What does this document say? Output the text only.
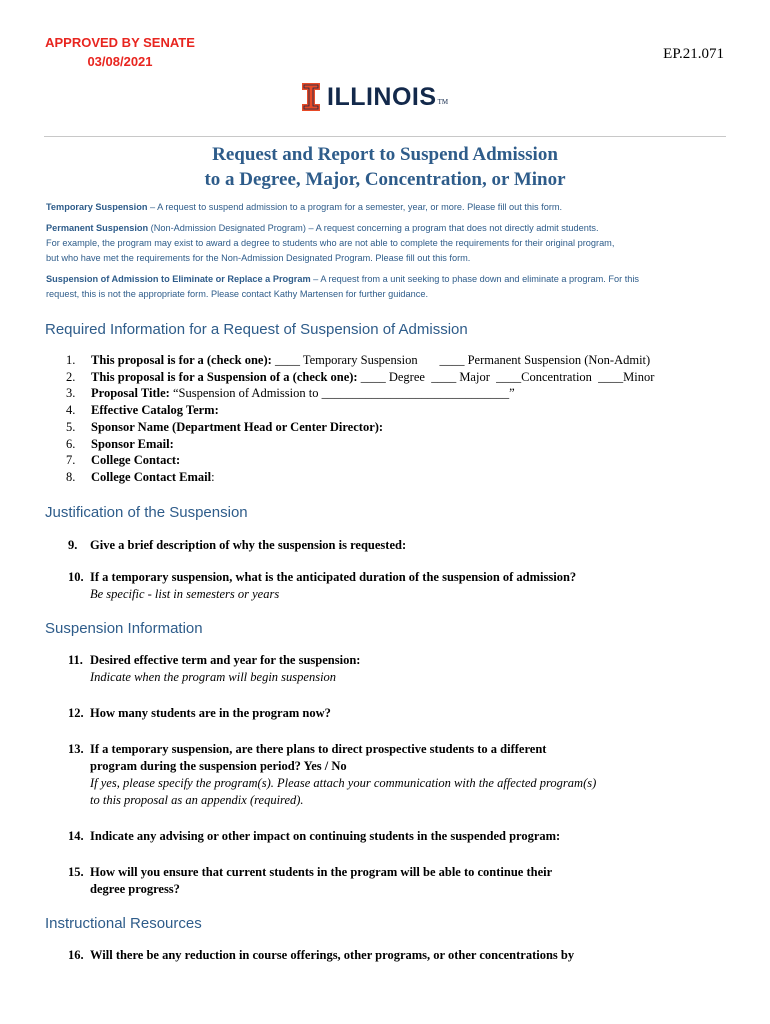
APPROVED BY SENATE
03/08/2021	EP.21.071
ILLINOIS TM
Request and Report to Suspend Admission
to a Degree, Major, Concentration, or Minor
Temporary Suspension – A request to suspend admission to a program for a semester, year, or more. Please fill out this form.
Permanent Suspension (Non-Admission Designated Program) – A request concerning a program that does not directly admit students.
For example, the program may exist to award a degree to students who are not able to complete the requirements for their original program,
but who have met the requirements for the Non-Admission Designated Program. Please fill out this form.
Suspension of Admission to Eliminate or Replace a Program – A request from a unit seeking to phase down and eliminate a program. For this
request, this is not the appropriate form. Please contact Kathy Martensen for further guidance.
Required Information for a Request of Suspension of Admission
1.	This proposal is for a (check one): ____ Temporary Suspension       ____ Permanent Suspension (Non-Admit)
2.	This proposal is for a Suspension of a (check one): ____ Degree  ____ Major  ____Concentration  ____Minor
3.	Proposal Title: “Suspension of Admission to ______________________________”
4.	Effective Catalog Term:
5.	Sponsor Name (Department Head or Center Director):
6.	Sponsor Email:
7.	College Contact:
8.	College Contact Email :
Justification of the Suspension
9.	Give a brief description of why the suspension is requested:
10. If a temporary suspension, what is the anticipated duration of the suspension of admission?
Be specific - list in semesters or years
Suspension Information
11. Desired effective term and year for the suspension:
Indicate when the program will begin suspension
12. How many students are in the program now?
13. If a temporary suspension, are there plans to direct prospective students to a different
program during the suspension period? Yes / No
If yes, please specify the program(s). Please attach your communication with the affected program(s)
to this proposal as an appendix (required).
14. Indicate any advising or other impact on continuing students in the suspended program:
15. How will you ensure that current students in the program will be able to continue their
degree progress?
Instructional Resources
16. Will there be any reduction in course offerings, other programs, or other concentrations by
